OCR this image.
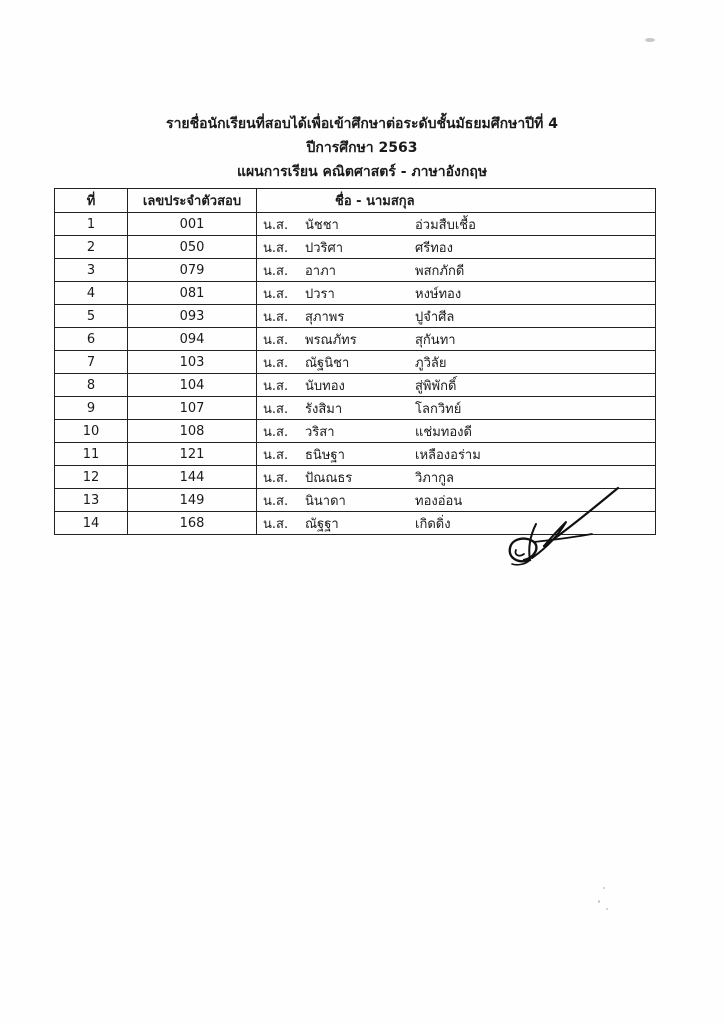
รายชื่อนักเรียนที่สอบได้เพื่อเข้าศึกษาต่อระดับชั้นมัธยมศึกษาปีที่ 4
ปีการศึกษา 2563
แผนการเรียน คณิตศาสตร์ - ภาษาอังกฤษ
ที่	เลขประจำตัวสอบ	ชื่อ - นามสกุล
1	001	น.ส. นัชชา อ่วมสืบเชื้อ

2	050	น.ส. ปวริศา ศรีทอง

3	079	น.ส. อาภา พสกภักดี

4	081	น.ส. ปวรา หงษ์ทอง

5	093	น.ส. สุภาพร ปูจำศีล

6	094	น.ส. พรณภัทร สุกันทา

7	103	น.ส. ณัฐนิชา ภูวิลัย

8	104	น.ส. นับทอง สู่พิพักดิ์

9	107	น.ส. รังสิมา โลกวิทย์

10	108	น.ส. วริสา แช่มทองดี

11	121	น.ส. ธนิษฐา เหลืองอร่าม

12	144	น.ส. ปัณณธร วิภากูล

13	149	น.ส. นินาดา ทองอ่อน

14	168	น.ส. ณัฐฐา เกิดดิ่ง
